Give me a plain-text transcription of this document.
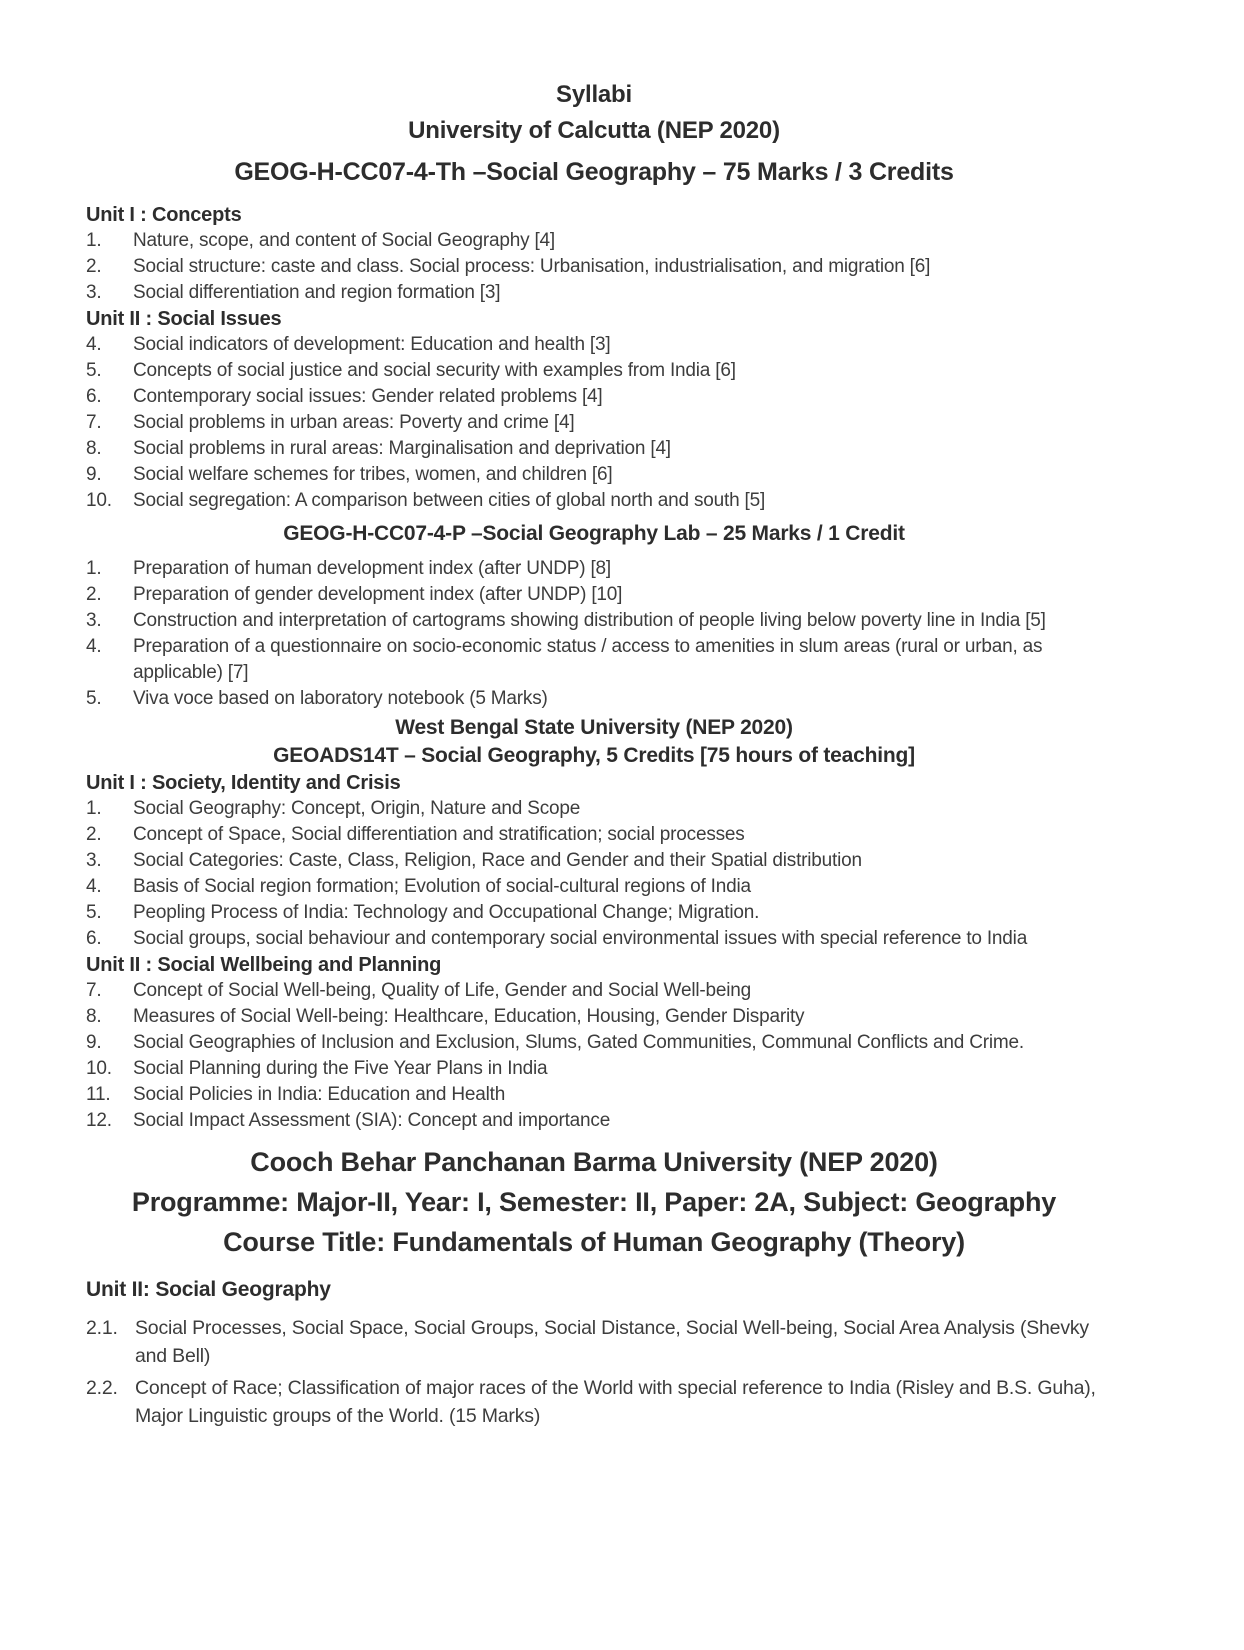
Syllabi
University of Calcutta (NEP 2020)
GEOG-H-CC07-4-Th –Social Geography – 75 Marks / 3 Credits
Unit I : Concepts
1.	Nature, scope, and content of Social Geography [4]
2.	Social structure: caste and class. Social process: Urbanisation, industrialisation, and migration [6]
3.	Social differentiation and region formation [3]
Unit II : Social Issues
4.	Social indicators of development: Education and health [3]
5.	Concepts of social justice and social security with examples from India [6]
6.	Contemporary social issues: Gender related problems [4]
7.	Social problems in urban areas: Poverty and crime [4]
8.	Social problems in rural areas: Marginalisation and deprivation [4]
9.	Social welfare schemes for tribes, women, and children [6]
10.	Social segregation: A comparison between cities of global north and south [5]
GEOG-H-CC07-4-P –Social Geography Lab – 25 Marks / 1 Credit
1.	Preparation of human development index (after UNDP) [8]
2.	Preparation of gender development index (after UNDP) [10]
3.	Construction and interpretation of cartograms showing distribution of people living below poverty line in India [5]
4.	Preparation of a questionnaire on socio-economic status / access to amenities in slum areas (rural or urban, as applicable) [7]
5.	Viva voce based on laboratory notebook (5 Marks)
West Bengal State University (NEP 2020)
GEOADS14T – Social Geography, 5 Credits [75 hours of teaching]
Unit I : Society, Identity and Crisis
1.	Social Geography: Concept, Origin, Nature and Scope
2.	Concept of Space, Social differentiation and stratification; social processes
3.	Social Categories: Caste, Class, Religion, Race and Gender and their Spatial distribution
4.	Basis of Social region formation; Evolution of social-cultural regions of India
5.	Peopling Process of India: Technology and Occupational Change; Migration.
6.	Social groups, social behaviour and contemporary social environmental issues with special reference to India
Unit II : Social Wellbeing and Planning
7.	Concept of Social Well-being, Quality of Life, Gender and Social Well-being
8.	Measures of Social Well-being: Healthcare, Education, Housing, Gender Disparity
9.	Social Geographies of Inclusion and Exclusion, Slums, Gated Communities, Communal Conflicts and Crime.
10.	Social Planning during the Five Year Plans in India
11.	Social Policies in India: Education and Health
12.	Social Impact Assessment (SIA): Concept and importance
Cooch Behar Panchanan Barma University (NEP 2020)
Programme: Major-II, Year: I, Semester: II, Paper: 2A, Subject: Geography
Course Title: Fundamentals of Human Geography (Theory)
Unit II: Social Geography
2.1. Social Processes, Social Space, Social Groups, Social Distance, Social Well-being, Social Area Analysis (Shevky and Bell)
2.2. Concept of Race; Classification of major races of the World with special reference to India (Risley and B.S. Guha), Major Linguistic groups of the World. (15 Marks)
